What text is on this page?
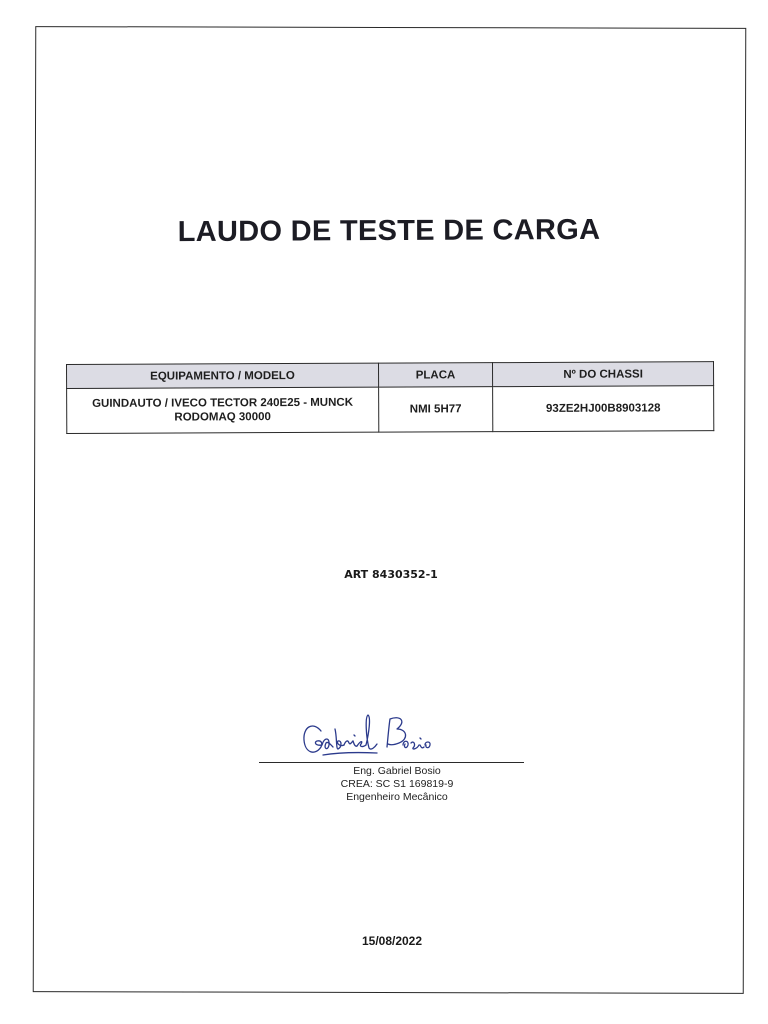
LAUDO DE TESTE DE CARGA
EQUIPAMENTO / MODELO	PLACA	Nº DO CHASSI

GUINDAUTO / IVECO TECTOR 240E25 - MUNCK
RODOMAQ 30000	NMI 5H77	93ZE2HJ00B8903128
ART 8430352-1
Eng. Gabriel Bosio
CREA: SC S1 169819-9
Engenheiro Mecânico
15/08/2022
